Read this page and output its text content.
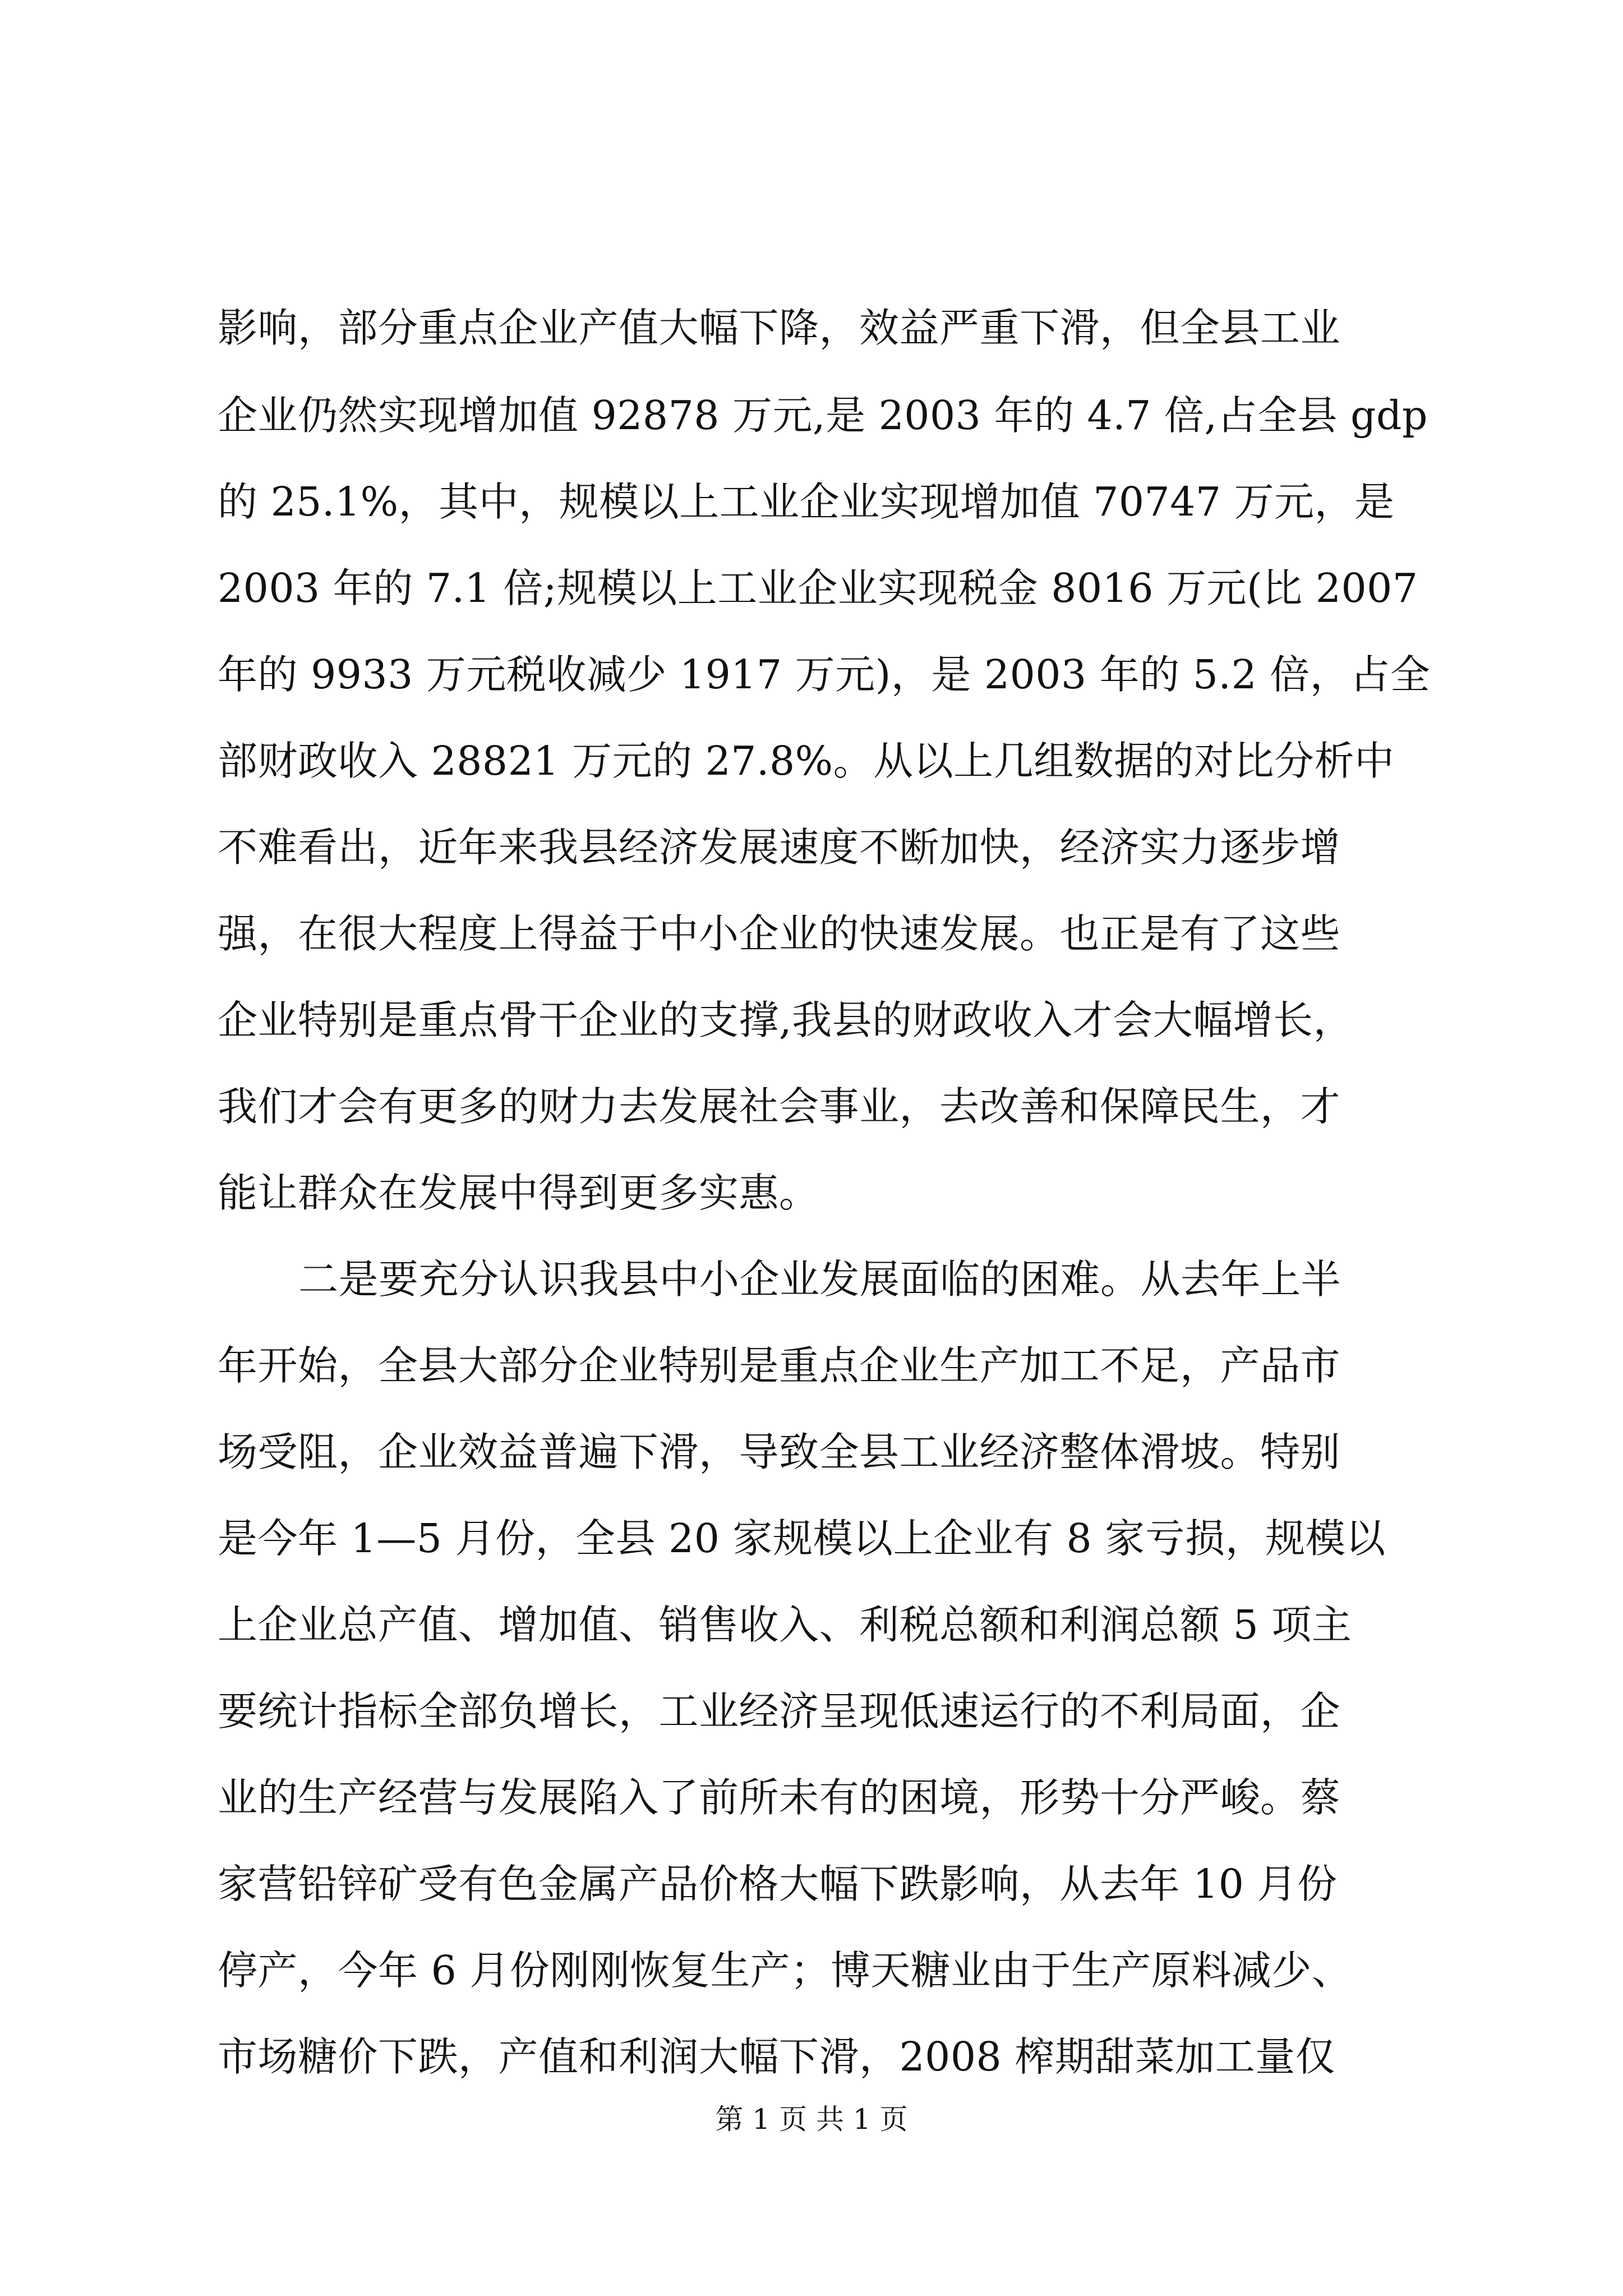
影响，部分重点企业产值大幅下降，效益严重下滑，但全县工业
企业仍然实现增加值 92878 万元,是 2003 年的 4.7 倍,占全县 gdp
的 25.1%，其中，规模以上工业企业实现增加值 70747 万元，是
2003 年的 7.1 倍;规模以上工业企业实现税金 8016 万元(比 2007
年的 9933 万元税收减少 1917 万元)，是 2003 年的 5.2 倍，占全
部财政收入 28821 万元的 27.8%。从以上几组数据的对比分析中
不难看出，近年来我县经济发展速度不断加快，经济实力逐步增
强，在很大程度上得益于中小企业的快速发展。也正是有了这些
企业特别是重点骨干企业的支撑,我县的财政收入才会大幅增长，
我们才会有更多的财力去发展社会事业，去改善和保障民生，才
能让群众在发展中得到更多实惠。
二是要充分认识我县中小企业发展面临的困难。从去年上半
年开始，全县大部分企业特别是重点企业生产加工不足，产品市
场受阻，企业效益普遍下滑，导致全县工业经济整体滑坡。特别
是今年 1—5 月份，全县 20 家规模以上企业有 8 家亏损，规模以
上企业总产值、增加值、销售收入、利税总额和利润总额 5 项主
要统计指标全部负增长，工业经济呈现低速运行的不利局面，企
业的生产经营与发展陷入了前所未有的困境，形势十分严峻。蔡
家营铅锌矿受有色金属产品价格大幅下跌影响，从去年 10 月份
停产，今年 6 月份刚刚恢复生产；博天糖业由于生产原料减少、
市场糖价下跌，产值和利润大幅下滑，2008 榨期甜菜加工量仅
第 1 页 共 1 页
